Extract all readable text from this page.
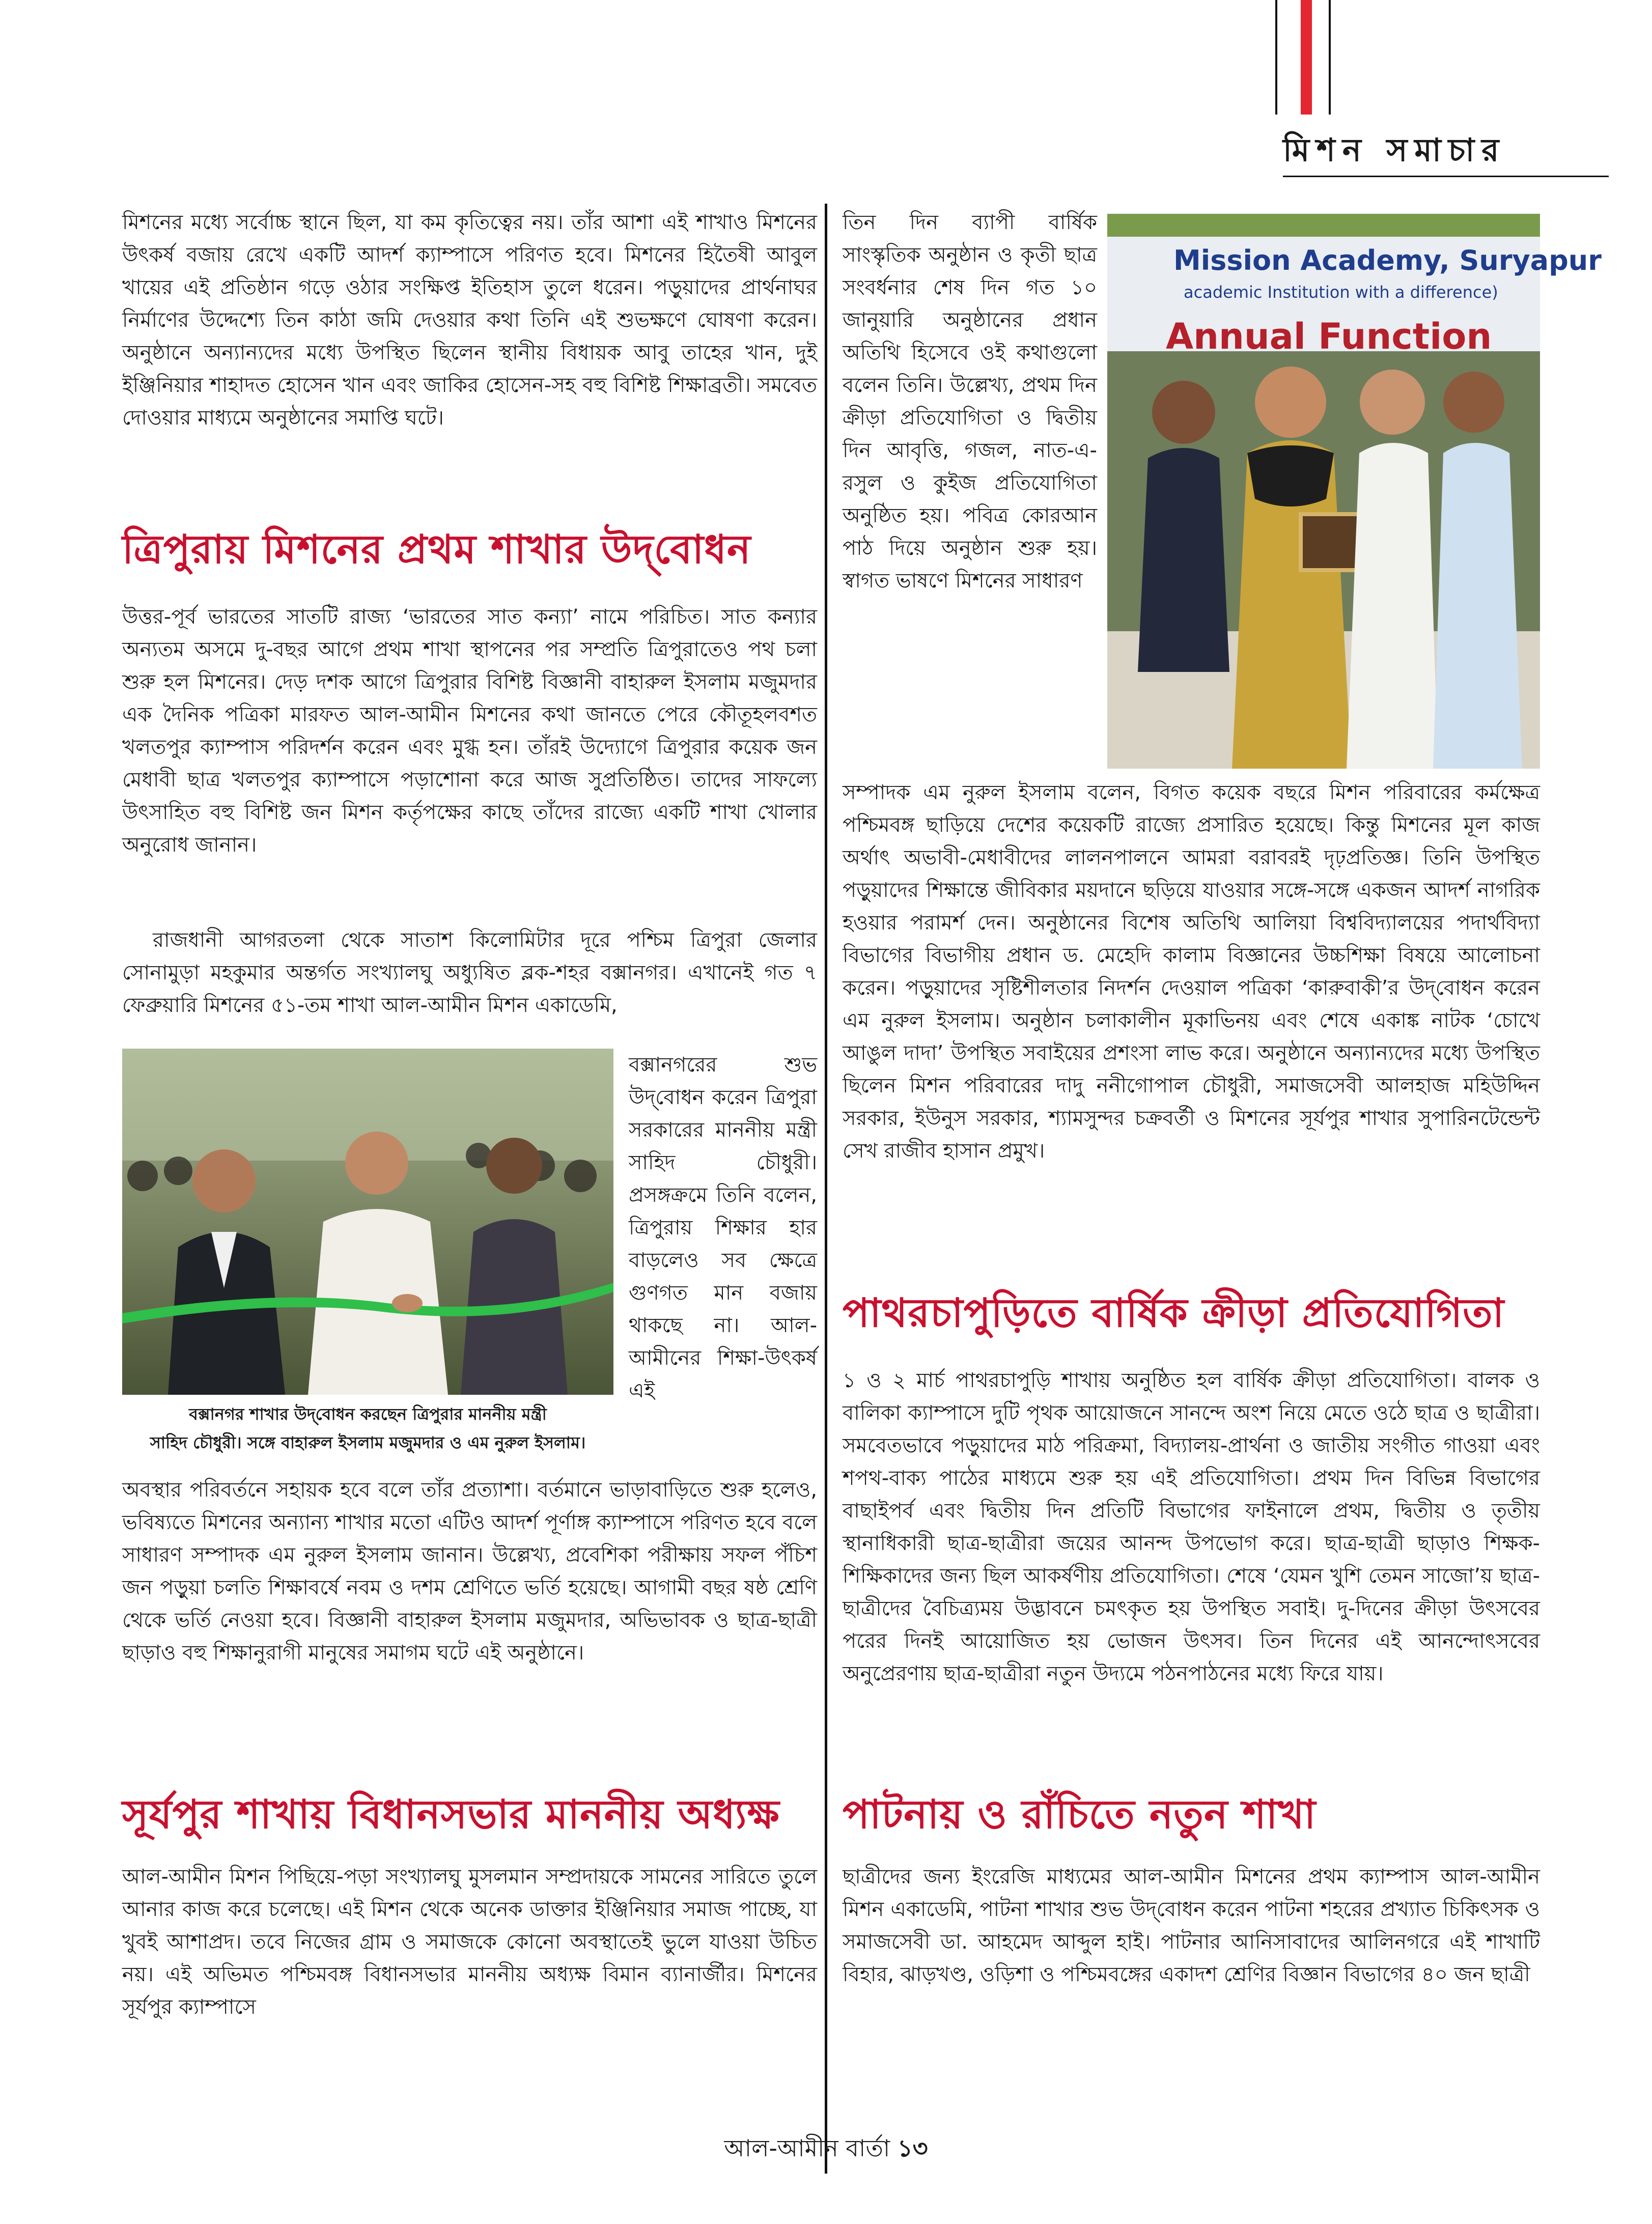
মিশন সমাচার
মিশনের মধ্যে সর্বোচ্চ স্থানে ছিল, যা কম কৃতিত্বের নয়। তাঁর আশা এই শাখাও মিশনের উৎকর্ষ বজায় রেখে একটি আদর্শ ক্যাম্পাসে পরিণত হবে। মিশনের হিতৈষী আবুল খায়ের এই প্রতিষ্ঠান গড়ে ওঠার সংক্ষিপ্ত ইতিহাস তুলে ধরেন। পড়ুয়াদের প্রার্থনাঘর নির্মাণের উদ্দেশ্যে তিন কাঠা জমি দেওয়ার কথা তিনি এই শুভক্ষণে ঘোষণা করেন। অনুষ্ঠানে অন্যান্যদের মধ্যে উপস্থিত ছিলেন স্থানীয় বিধায়ক আবু তাহের খান, দুই ইঞ্জিনিয়ার শাহাদত হোসেন খান এবং জাকির হোসেন-সহ বহু বিশিষ্ট শিক্ষাব্রতী। সমবেত দোওয়ার মাধ্যমে অনুষ্ঠানের সমাপ্তি ঘটে।
ত্রিপুরায় মিশনের প্রথম শাখার উদ্‌বোধন
উত্তর-পূর্ব ভারতের সাতটি রাজ্য ‘ভারতের সাত কন্যা’ নামে পরিচিত। সাত কন্যার অন্যতম অসমে দু-বছর আগে প্রথম শাখা স্থাপনের পর সম্প্রতি ত্রিপুরাতেও পথ চলা শুরু হল মিশনের। দেড় দশক আগে ত্রিপুরার বিশিষ্ট বিজ্ঞানী বাহারুল ইসলাম মজুমদার এক দৈনিক পত্রিকা মারফত আল-আমীন মিশনের কথা জানতে পেরে কৌতূহলবশত খলতপুর ক্যাম্পাস পরিদর্শন করেন এবং মুগ্ধ হন। তাঁরই উদ্যোগে ত্রিপুরার কয়েক জন মেধাবী ছাত্র খলতপুর ক্যাম্পাসে পড়াশোনা করে আজ সুপ্রতিষ্ঠিত। তাদের সাফল্যে উৎসাহিত বহু বিশিষ্ট জন মিশন কর্তৃপক্ষের কাছে তাঁদের রাজ্যে একটি শাখা খোলার অনুরোধ জানান।
রাজধানী আগরতলা থেকে সাতাশ কিলোমিটার দূরে পশ্চিম ত্রিপুরা জেলার সোনামুড়া মহকুমার অন্তর্গত সংখ্যালঘু অধ্যুষিত ব্লক-শহর বক্সানগর। এখানেই গত ৭ ফেব্রুয়ারি মিশনের ৫১-তম শাখা আল-আমীন মিশন একাডেমি,

বক্সানগর শাখার উদ্‌বোধন করছেন ত্রিপুরার মাননীয় মন্ত্রী

সাহিদ চৌধুরী। সঙ্গে বাহারুল ইসলাম মজুমদার ও এম নুরুল ইসলাম।

বক্সানগরের শুভ উদ্‌বোধন করেন ত্রিপুরা সরকারের মাননীয় মন্ত্রী সাহিদ চৌধুরী। প্রসঙ্গক্রমে তিনি বলেন, ত্রিপুরায় শিক্ষার হার বাড়লেও সব ক্ষেত্রে গুণগত মান বজায় থাকছে না। আল-আমীনের শিক্ষা-উৎকর্ষ এই
অবস্থার পরিবর্তনে সহায়ক হবে বলে তাঁর প্রত্যাশা। বর্তমানে ভাড়াবাড়িতে শুরু হলেও, ভবিষ্যতে মিশনের অন্যান্য শাখার মতো এটিও আদর্শ পূর্ণাঙ্গ ক্যাম্পাসে পরিণত হবে বলে সাধারণ সম্পাদক এম নুরুল ইসলাম জানান। উল্লেখ্য, প্রবেশিকা পরীক্ষায় সফল পঁচিশ জন পড়ুয়া চলতি শিক্ষাবর্ষে নবম ও দশম শ্রেণিতে ভর্তি হয়েছে। আগামী বছর ষষ্ঠ শ্রেণি থেকে ভর্তি নেওয়া হবে। বিজ্ঞানী বাহারুল ইসলাম মজুমদার, অভিভাবক ও ছাত্র-ছাত্রী ছাড়াও বহু শিক্ষানুরাগী মানুষের সমাগম ঘটে এই অনুষ্ঠানে।
সূর্যপুর শাখায় বিধানসভার মাননীয় অধ্যক্ষ
আল-আমীন মিশন পিছিয়ে-পড়া সংখ্যালঘু মুসলমান সম্প্রদায়কে সামনের সারিতে তুলে আনার কাজ করে চলেছে। এই মিশন থেকে অনেক ডাক্তার ইঞ্জিনিয়ার সমাজ পাচ্ছে, যা খুবই আশাপ্রদ। তবে নিজের গ্রাম ও সমাজকে কোনো অবস্থাতেই ভুলে যাওয়া উচিত নয়। এই অভিমত পশ্চিমবঙ্গ বিধানসভার মাননীয় অধ্যক্ষ বিমান ব্যানার্জীর। মিশনের সূর্যপুর ক্যাম্পাসে
তিন দিন ব্যাপী বার্ষিক সাংস্কৃতিক অনুষ্ঠান ও কৃতী ছাত্র সংবর্ধনার শেষ দিন গত ১০ জানুয়ারি অনুষ্ঠানের প্রধান অতিথি হিসেবে ওই কথাগুলো বলেন তিনি। উল্লেখ্য, প্রথম দিন ক্রীড়া প্রতিযোগিতা ও দ্বিতীয় দিন আবৃত্তি, গজল, নাত-এ-রসুল ও কুইজ প্রতিযোগিতা অনুষ্ঠিত হয়। পবিত্র কোরআন পাঠ দিয়ে অনুষ্ঠান শুরু হয়। স্বাগত ভাষণে মিশনের সাধারণ
Mission Academy, Suryapur
academic Institution with a difference)
Annual Function
সম্পাদক এম নুরুল ইসলাম বলেন, বিগত কয়েক বছরে মিশন পরিবারের কর্মক্ষেত্র পশ্চিমবঙ্গ ছাড়িয়ে দেশের কয়েকটি রাজ্যে প্রসারিত হয়েছে। কিন্তু মিশনের মূল কাজ অর্থাৎ অভাবী-মেধাবীদের লালনপালনে আমরা বরাবরই দৃঢ়প্রতিজ্ঞ। তিনি উপস্থিত পড়ুয়াদের শিক্ষান্তে জীবিকার ময়দানে ছড়িয়ে যাওয়ার সঙ্গে-সঙ্গে একজন আদর্শ নাগরিক হওয়ার পরামর্শ দেন। অনুষ্ঠানের বিশেষ অতিথি আলিয়া বিশ্ববিদ্যালয়ের পদার্থবিদ্যা বিভাগের বিভাগীয় প্রধান ড. মেহেদি কালাম বিজ্ঞানের উচ্চশিক্ষা বিষয়ে আলোচনা করেন। পড়ুয়াদের সৃষ্টিশীলতার নিদর্শন দেওয়াল পত্রিকা ‘কারুবাকী’র উদ্‌বোধন করেন এম নুরুল ইসলাম। অনুষ্ঠান চলাকালীন মূকাভিনয় এবং শেষে একাঙ্ক নাটক ‘চোখে আঙুল দাদা’ উপস্থিত সবাইয়ের প্রশংসা লাভ করে। অনুষ্ঠানে অন্যান্যদের মধ্যে উপস্থিত ছিলেন মিশন পরিবারের দাদু ননীগোপাল চৌধুরী, সমাজসেবী আলহাজ মহিউদ্দিন সরকার, ইউনুস সরকার, শ্যামসুন্দর চক্রবর্তী ও মিশনের সূর্যপুর শাখার সুপারিনটেন্ডেন্ট সেখ রাজীব হাসান প্রমুখ।
পাথরচাপুড়িতে বার্ষিক ক্রীড়া প্রতিযোগিতা
১ ও ২ মার্চ পাথরচাপুড়ি শাখায় অনুষ্ঠিত হল বার্ষিক ক্রীড়া প্রতিযোগিতা। বালক ও বালিকা ক্যাম্পাসে দুটি পৃথক আয়োজনে সানন্দে অংশ নিয়ে মেতে ওঠে ছাত্র ও ছাত্রীরা। সমবেতভাবে পড়ুয়াদের মাঠ পরিক্রমা, বিদ্যালয়-প্রার্থনা ও জাতীয় সংগীত গাওয়া এবং শপথ-বাক্য পাঠের মাধ্যমে শুরু হয় এই প্রতিযোগিতা। প্রথম দিন বিভিন্ন বিভাগের বাছাইপর্ব এবং দ্বিতীয় দিন প্রতিটি বিভাগের ফাইনালে প্রথম, দ্বিতীয় ও তৃতীয় স্থানাধিকারী ছাত্র-ছাত্রীরা জয়ের আনন্দ উপভোগ করে। ছাত্র-ছাত্রী ছাড়াও শিক্ষক-শিক্ষিকাদের জন্য ছিল আকর্ষণীয় প্রতিযোগিতা। শেষে ‘যেমন খুশি তেমন সাজো’য় ছাত্র-ছাত্রীদের বৈচিত্র্যময় উদ্ভাবনে চমৎকৃত হয় উপস্থিত সবাই। দু-দিনের ক্রীড়া উৎসবের পরের দিনই আয়োজিত হয় ভোজন উৎসব। তিন দিনের এই আনন্দোৎসবের অনুপ্রেরণায় ছাত্র-ছাত্রীরা নতুন উদ্যমে পঠনপাঠনের মধ্যে ফিরে যায়।
পাটনায় ও রাঁচিতে নতুন শাখা
ছাত্রীদের জন্য ইংরেজি মাধ্যমের আল-আমীন মিশনের প্রথম ক্যাম্পাস আল-আমীন মিশন একাডেমি, পাটনা শাখার শুভ উদ্‌বোধন করেন পাটনা শহরের প্রখ্যাত চিকিৎসক ও সমাজসেবী ডা. আহমেদ আব্দুল হাই। পাটনার আনিসাবাদের আলিনগরে এই শাখাটি বিহার, ঝাড়খণ্ড, ওড়িশা ও পশ্চিমবঙ্গের একাদশ শ্রেণির বিজ্ঞান বিভাগের ৪০ জন ছাত্রী
আল-আমীন বার্তা ১৩
